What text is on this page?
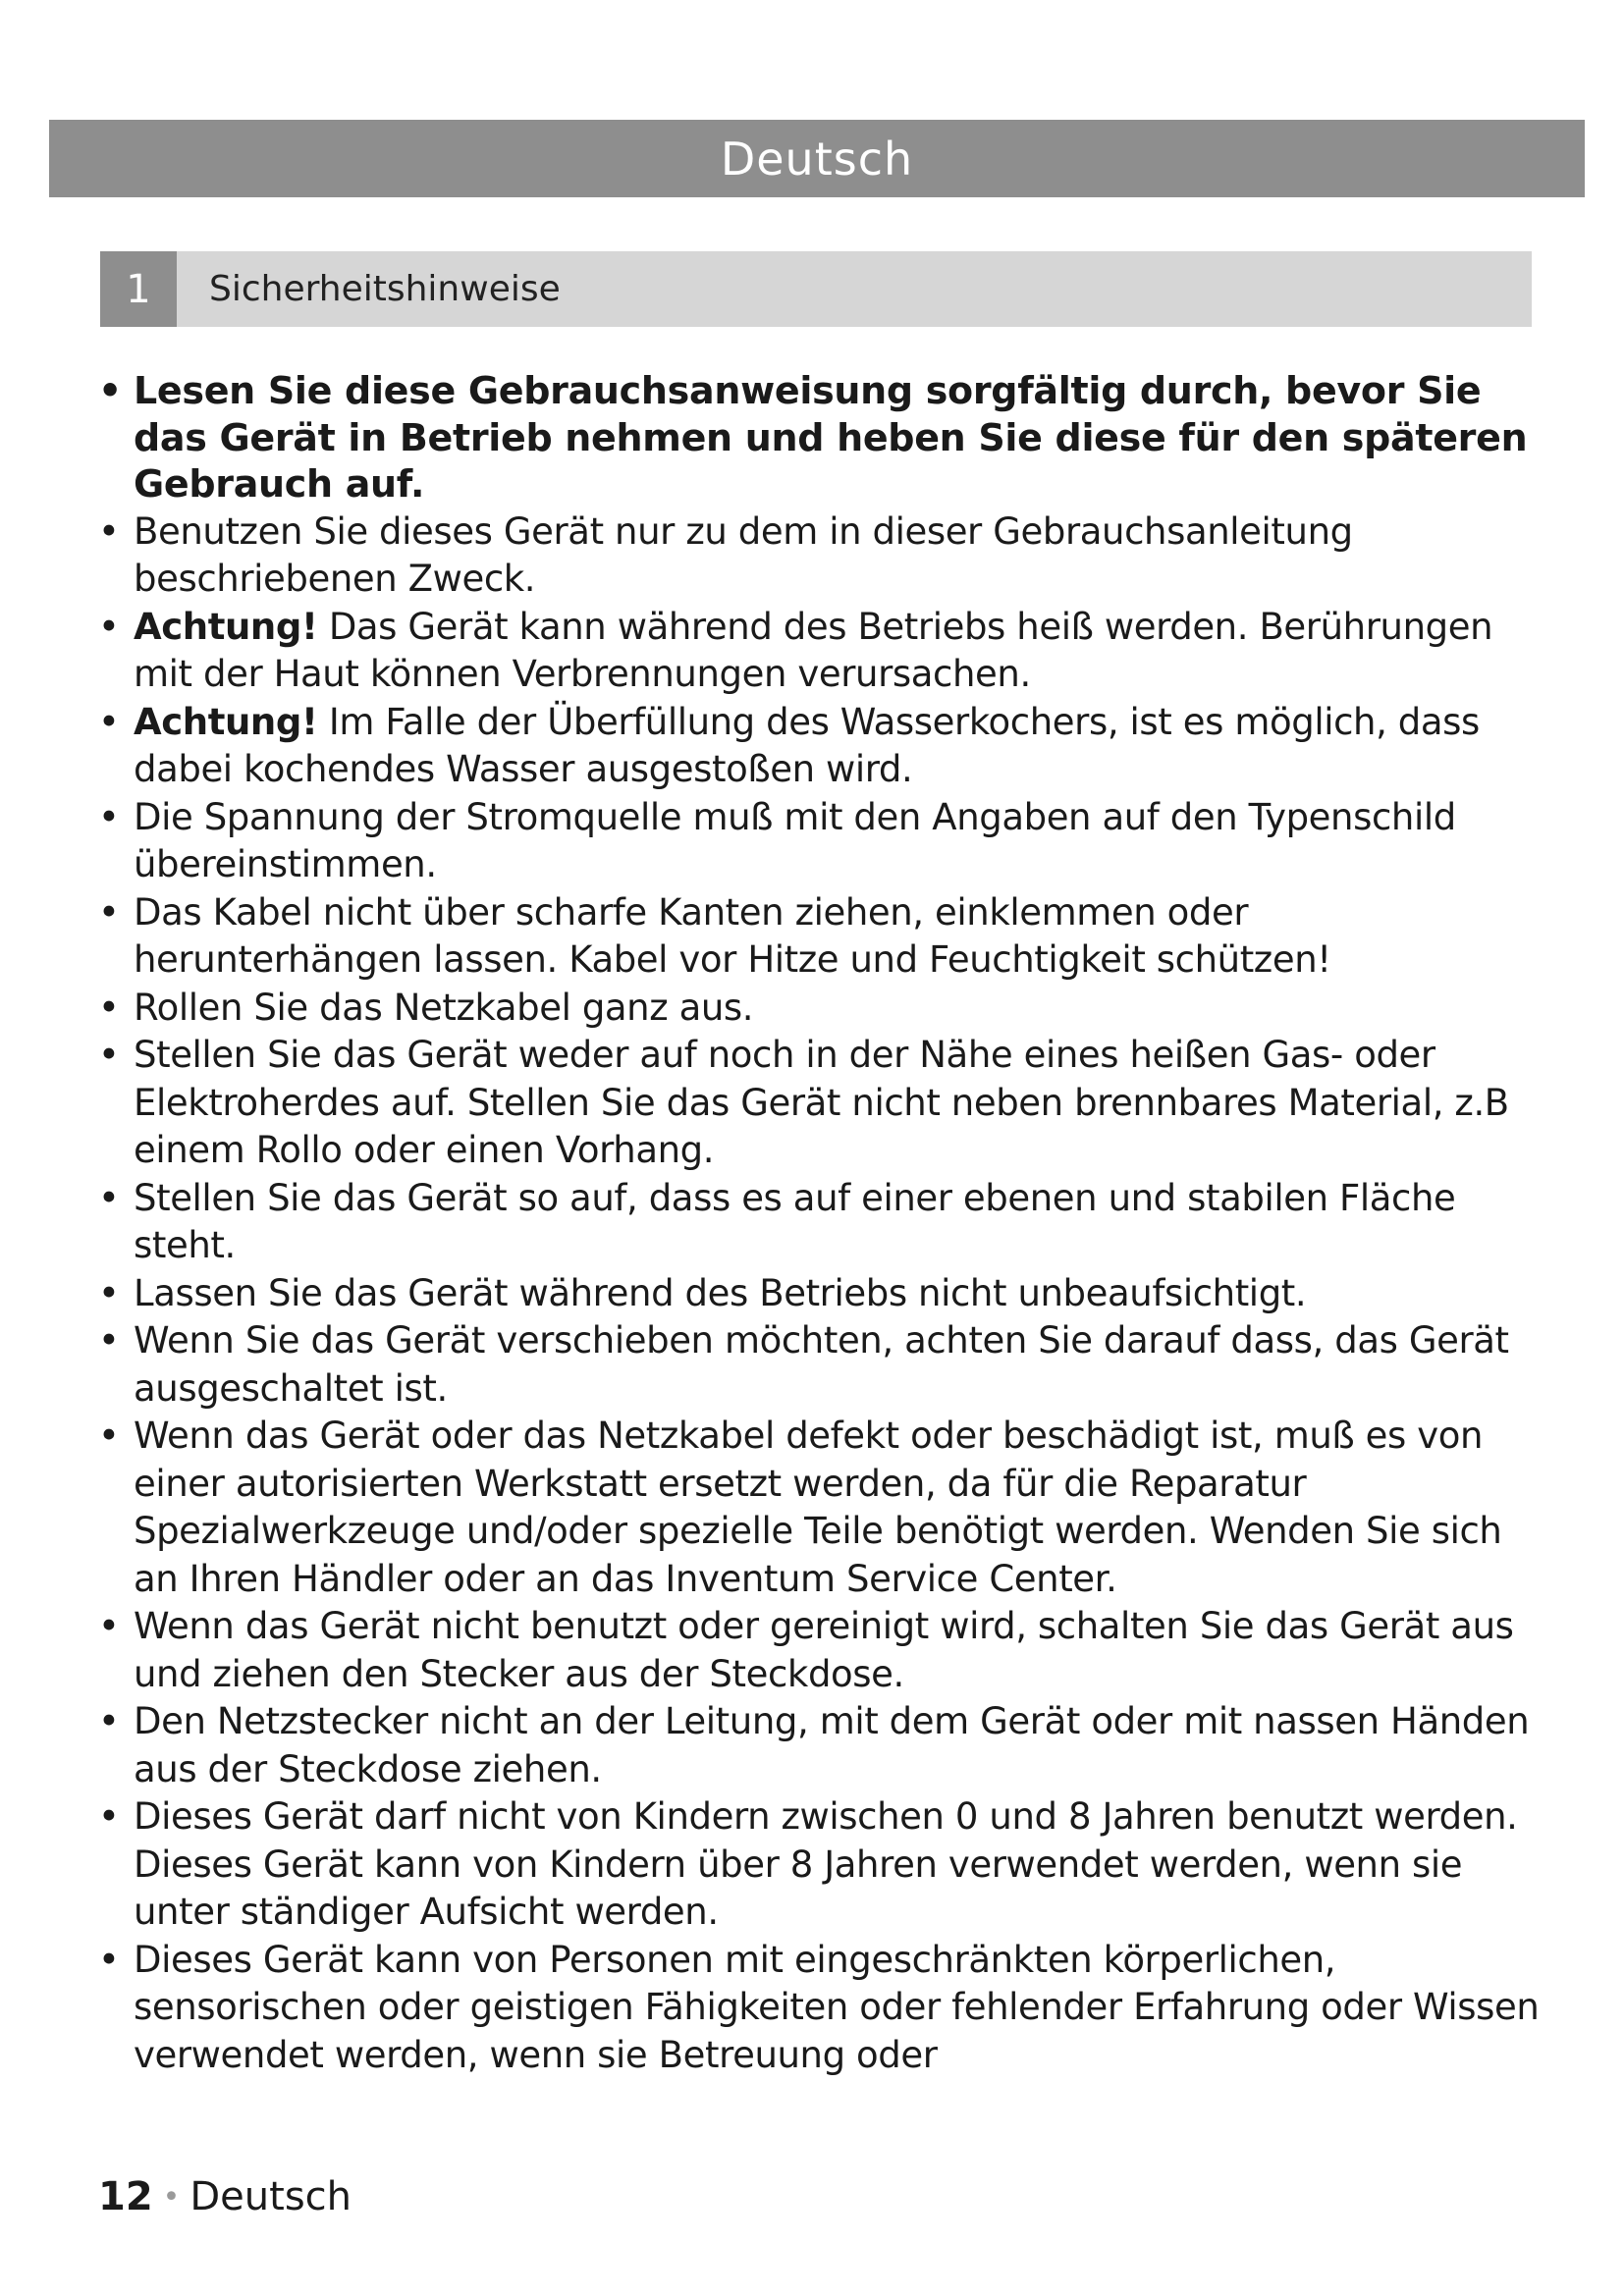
Deutsch
1	Sicherheitshinweise
• Lesen Sie diese Gebrauchsanweisung sorgfältig durch, bevor Sie das Gerät in Betrieb nehmen und heben Sie diese für den späteren Gebrauch auf.
• Benutzen Sie dieses Gerät nur zu dem in dieser Gebrauchsanleitung beschriebenen Zweck.
• Achtung! Das Gerät kann während des Betriebs heiß werden. Berührungen mit der Haut können Verbrennungen verursachen.
• Achtung! Im Falle der Überfüllung des Wasserkochers, ist es möglich, dass dabei kochendes Wasser ausgestoßen wird.
• Die Spannung der Stromquelle muß mit den Angaben auf den Typenschild übereinstimmen.
• Das Kabel nicht über scharfe Kanten ziehen, einklemmen oder herunterhängen lassen. Kabel vor Hitze und Feuchtigkeit schützen!
• Rollen Sie das Netzkabel ganz aus.
• Stellen Sie das Gerät weder auf noch in der Nähe eines heißen Gas- oder Elektroherdes auf. Stellen Sie das Gerät nicht neben brennbares Material, z.B einem Rollo oder einen Vorhang.
• Stellen Sie das Gerät so auf, dass es auf einer ebenen und stabilen Fläche steht.
• Lassen Sie das Gerät während des Betriebs nicht unbeaufsichtigt.
• Wenn Sie das Gerät verschieben möchten, achten Sie darauf dass, das Gerät ausgeschaltet ist.
• Wenn das Gerät oder das Netzkabel defekt oder beschädigt ist, muß es von einer autorisierten Werkstatt ersetzt werden, da für die Reparatur Spezialwerkzeuge und/oder spezielle Teile benötigt werden. Wenden Sie sich an Ihren Händler oder an das Inventum Service Center.
• Wenn das Gerät nicht benutzt oder gereinigt wird, schalten Sie das Gerät aus und ziehen den Stecker aus der Steckdose.
• Den Netzstecker nicht an der Leitung, mit dem Gerät oder mit nassen Händen aus der Steckdose ziehen.
• Dieses Gerät darf nicht von Kindern zwischen 0 und 8 Jahren benutzt werden. Dieses Gerät kann von Kindern über 8 Jahren verwendet werden, wenn sie unter ständiger Aufsicht werden.
• Dieses Gerät kann von Personen mit eingeschränkten körperlichen, sensorischen oder geistigen Fähigkeiten oder fehlender Erfahrung oder Wissen verwendet werden, wenn sie Betreuung oder
12 • Deutsch
